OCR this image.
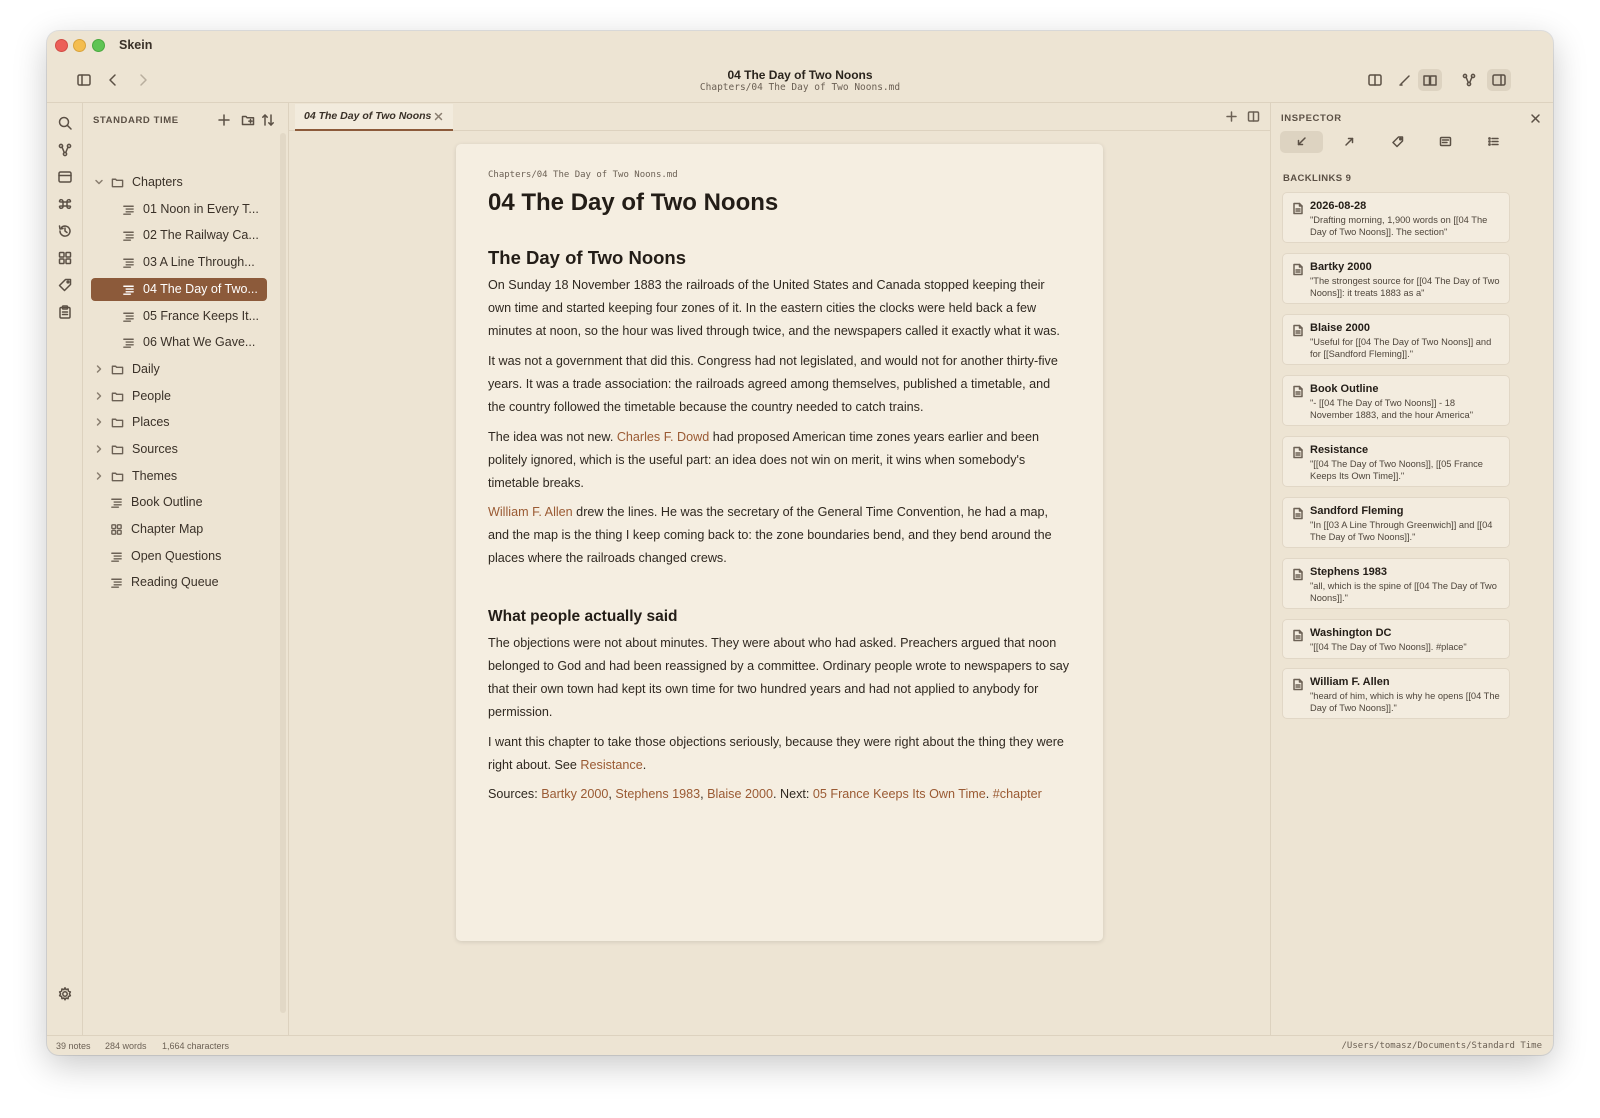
Skein
04 The Day of Two Noons
Chapters/04 The Day of Two Noons.md
STANDARD TIME
Chapters
01 Noon in Every T...
02 The Railway Ca...
03 A Line Through...
04 The Day of Two...
05 France Keeps It...
06 What We Gave...
Daily
People
Places
Sources
Themes
Book Outline
Chapter Map
Open Questions
Reading Queue
04 The Day of Two Noons
Chapters/04 The Day of Two Noons.md
04 The Day of Two Noons
The Day of Two Noons

On Sunday 18 November 1883 the railroads of the United States and Canada stopped keeping their own time and started keeping four zones of it. In the eastern cities the clocks were held back a few minutes at noon, so the hour was lived through twice, and the newspapers called it exactly what it was.

It was not a government that did this. Congress had not legislated, and would not for another thirty-five years. It was a trade association: the railroads agreed among themselves, published a timetable, and the country followed the timetable because the country needed to catch trains.

The idea was not new. Charles F. Dowd had proposed American time zones years earlier and been politely ignored, which is the useful part: an idea does not win on merit, it wins when somebody's timetable breaks.

William F. Allen drew the lines. He was the secretary of the General Time Convention, he had a map, and the map is the thing I keep coming back to: the zone boundaries bend, and they bend around the places where the railroads changed crews.

What people actually said

The objections were not about minutes. They were about who had asked. Preachers argued that noon belonged to God and had been reassigned by a committee. Ordinary people wrote to newspapers to say that their own town had kept its own time for two hundred years and had not applied to anybody for permission.

I want this chapter to take those objections seriously, because they were right about the thing they were right about. See Resistance.

Sources: Bartky 2000, Stephens 1983, Blaise 2000. Next: 05 France Keeps Its Own Time. #chapter

INSPECTOR
BACKLINKS 9
2026-08-28
"Drafting morning, 1,900 words on [[04 The Day of Two Noons]]. The section"
Bartky 2000
"The strongest source for [[04 The Day of Two Noons]]: it treats 1883 as a"
Blaise 2000
"Useful for [[04 The Day of Two Noons]] and for [[Sandford Fleming]]."
Book Outline
"- [[04 The Day of Two Noons]] - 18 November 1883, and the hour America"
Resistance
"[[04 The Day of Two Noons]], [[05 France Keeps Its Own Time]]."
Sandford Fleming
"In [[03 A Line Through Greenwich]] and [[04 The Day of Two Noons]]."
Stephens 1983
"all, which is the spine of [[04 The Day of Two Noons]]."
Washington DC
"[[04 The Day of Two Noons]]. #place"
William F. Allen
"heard of him, which is why he opens [[04 The Day of Two Noons]]."
39 notes 284 words 1,664 characters	/Users/tomasz/Documents/Standard Time
